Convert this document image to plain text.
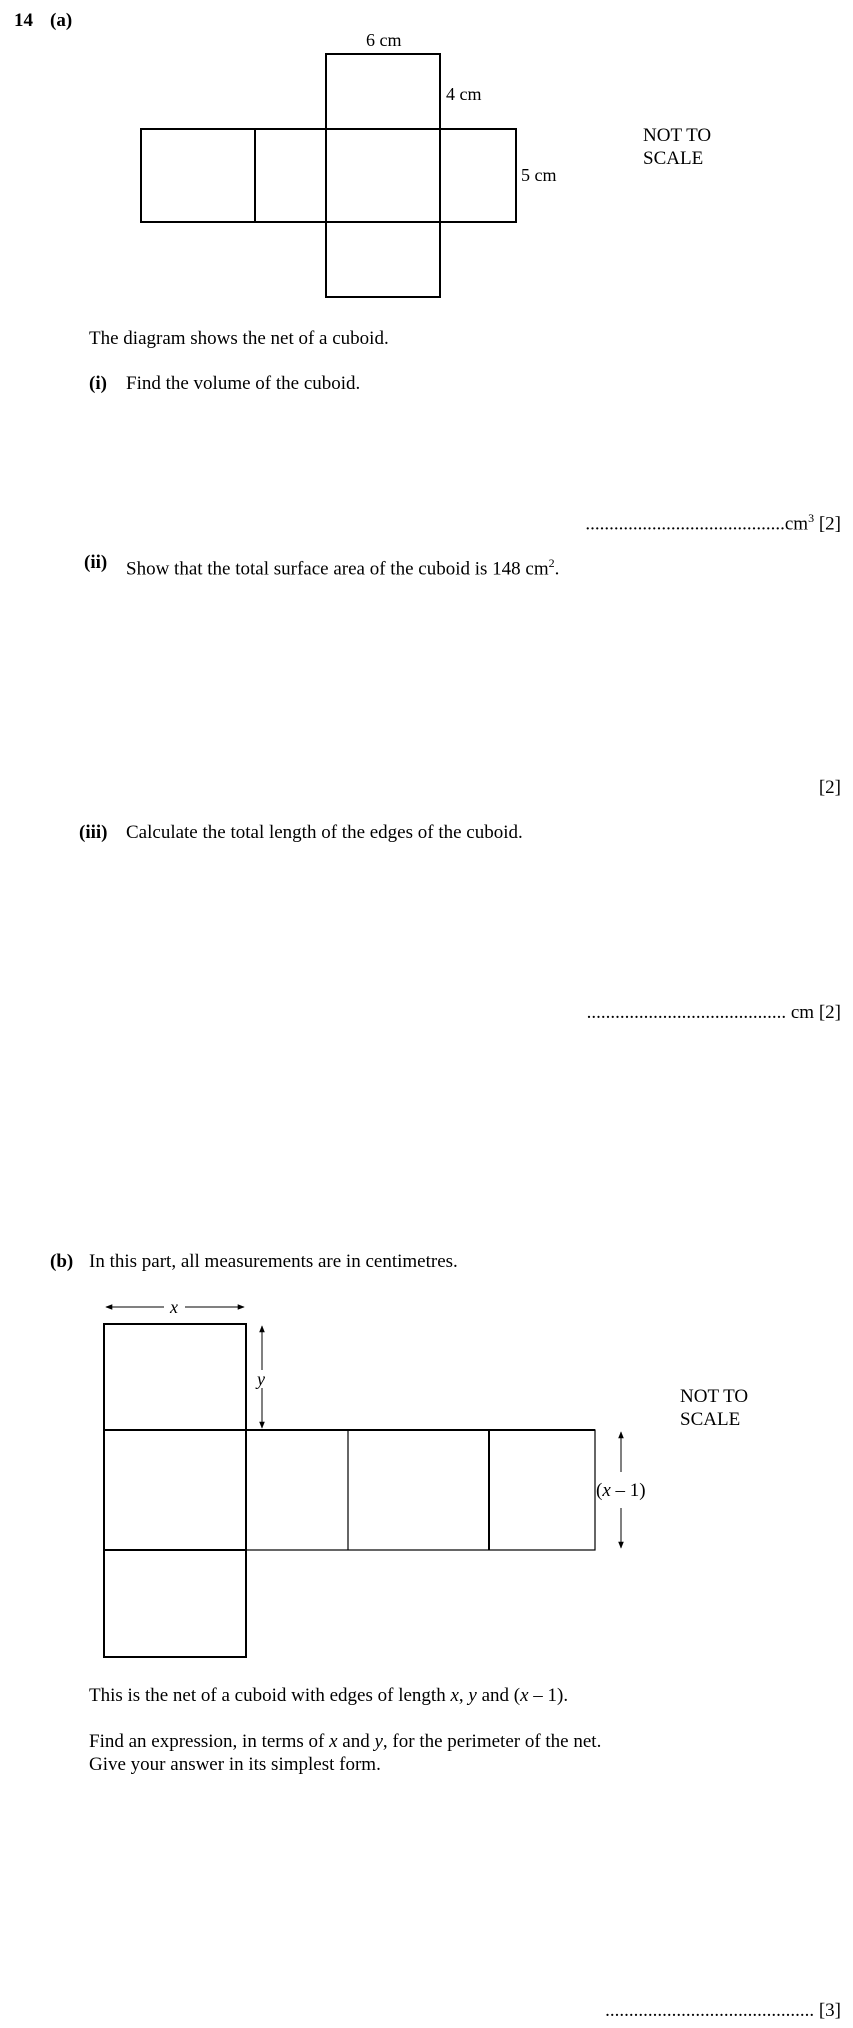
14 (a)
6 cm
4 cm
5 cm
x
y
(x – 1)
NOT TO
SCALE
The diagram shows the net of a cuboid.
(i) Find the volume of the cuboid.
$..........................................cm^3$ [2]
(ii) Show that the total surface area of the cuboid is 148 $cm^2$.
[2]
(iii) Calculate the total length of the edges of the cuboid.
.......................................... cm [2]
(b) In this part, all measurements are in centimetres.
NOT TO
SCALE
This is the net of a cuboid with edges of length x, y and (x – 1).
Find an expression, in terms of x and y, for the perimeter of the net.
Give your answer in its simplest form.
............................................ [3]
